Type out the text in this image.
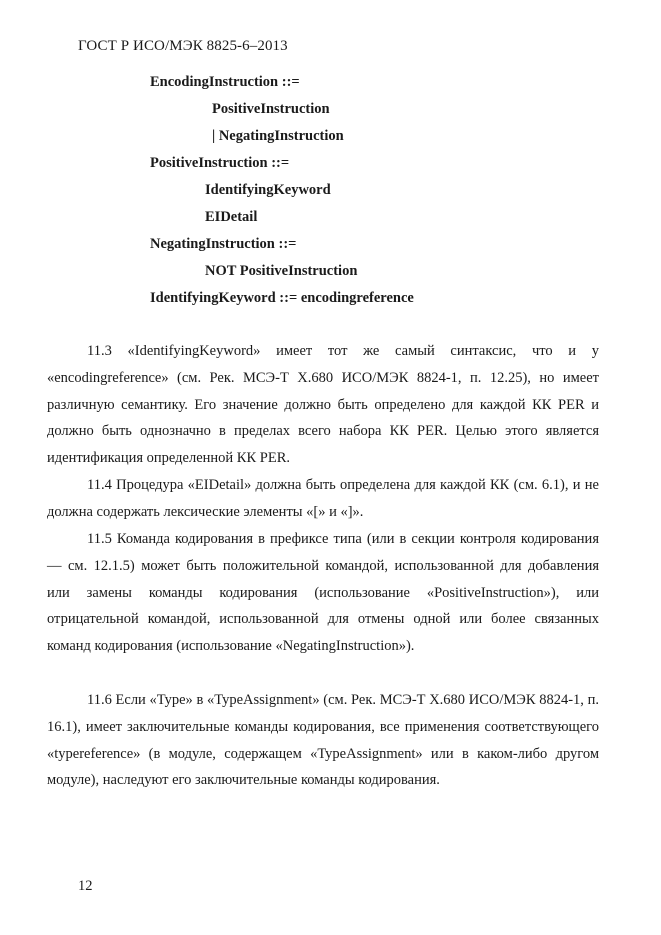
ГОСТ Р ИСО/МЭК 8825-6–2013
EncodingInstruction ::=
PositiveInstruction
| NegatingInstruction
PositiveInstruction ::=
IdentifyingKeyword
EIDetail
NegatingInstruction ::=
NOT PositiveInstruction
IdentifyingKeyword ::= encodingreference
11.3 «IdentifyingKeyword» имеет тот же самый синтаксис, что и у «encodingreference» (см. Рек. МСЭ-Т X.680 ИСО/МЭК 8824-1, п. 12.25), но имеет различную семантику. Его значение должно быть определено для каждой КК PER и должно быть однозначно в пределах всего набора КК PER. Целью этого является идентификация определенной КК PER.
11.4 Процедура «EIDetail» должна быть определена для каждой КК (см. 6.1), и не должна содержать лексические элементы «[» и «]».
11.5 Команда кодирования в префиксе типа (или в секции контроля кодирования — см. 12.1.5) может быть положительной командой, использованной для добавления или замены команды кодирования (использование «PositiveInstruction»), или отрицательной командой, использованной для отмены одной или более связанных команд кодирования (использование «NegatingInstruction»).
11.6 Если «Type» в «TypeAssignment» (см. Рек. МСЭ-Т X.680 ИСО/МЭК 8824-1, п. 16.1), имеет заключительные команды кодирования, все применения соответствующего «typereference» (в модуле, содержащем «TypeAssignment» или в каком-либо другом модуле), наследуют его заключительные команды кодирования.
12
